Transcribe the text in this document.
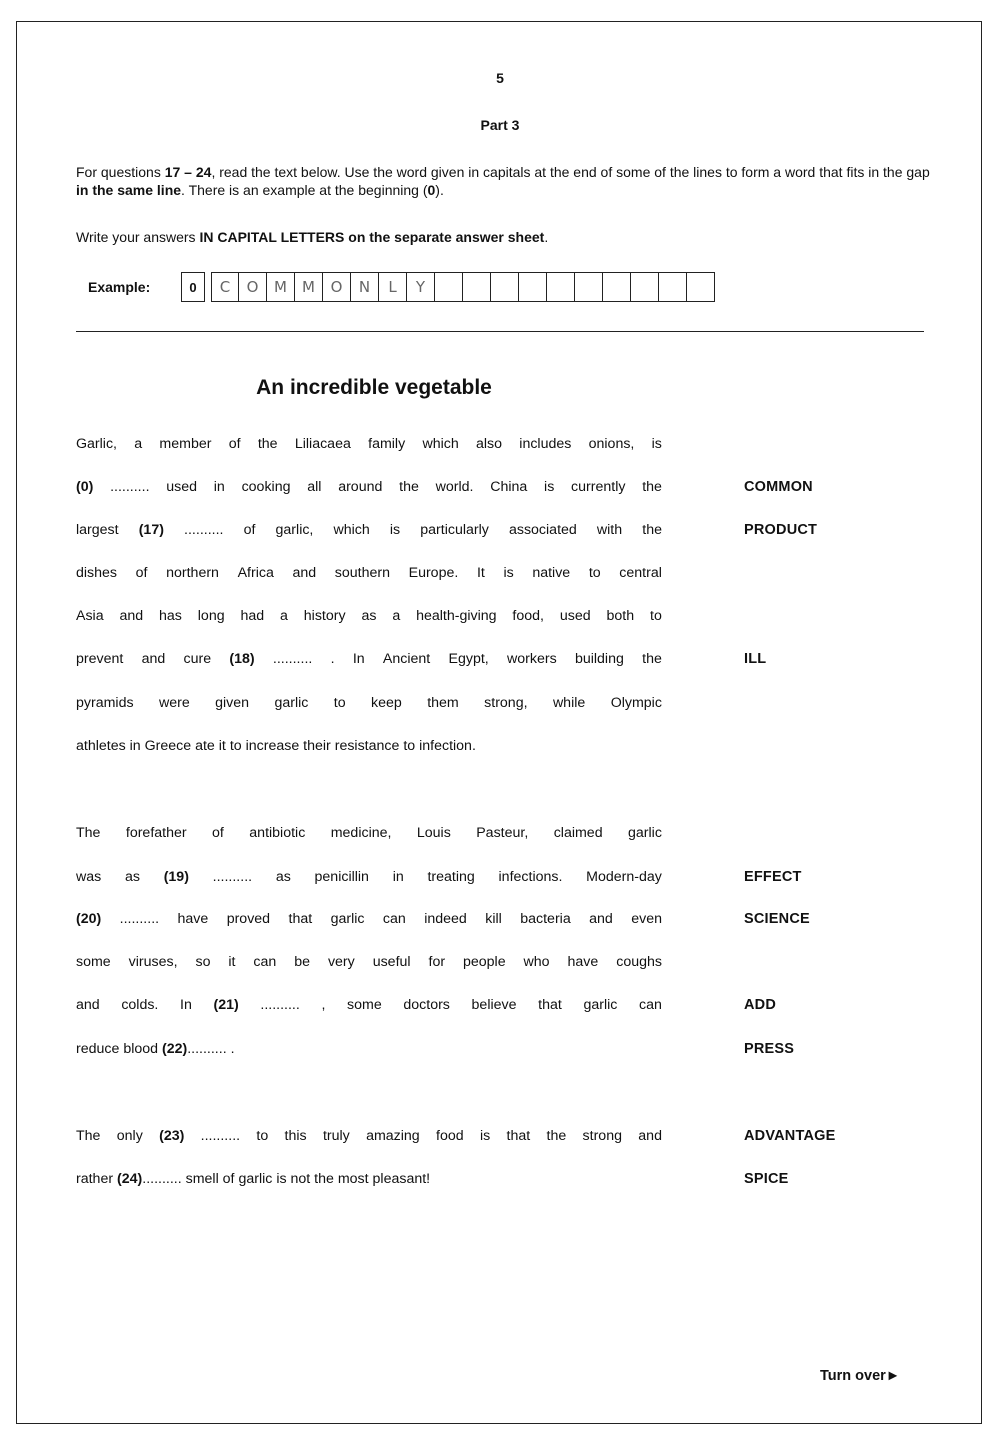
5
Part 3
For questions 17 – 24, read the text below. Use the word given in capitals at the end of some of the lines to form a word that fits in the gap in the same line. There is an example at the beginning (0).
Write your answers IN CAPITAL LETTERS on the separate answer sheet.
Example:	0	C	O	M	M	O	N	L	Y
An incredible vegetable
Garlic, a member of the Liliacaea family which also includes onions, is
(0) .......... used in cooking all around the world. China is currently the
largest (17) .......... of garlic, which is particularly associated with the
dishes of northern Africa and southern Europe. It is native to central
Asia and has long had a history as a health-giving food, used both to
prevent and cure (18) .......... . In Ancient Egypt, workers building the
pyramids were given garlic to keep them strong, while Olympic
athletes in Greece ate it to increase their resistance to infection.
The forefather of antibiotic medicine, Louis Pasteur, claimed garlic
was as (19) .......... as penicillin in treating infections. Modern-day
(20) .......... have proved that garlic can indeed kill bacteria and even
some viruses, so it can be very useful for people who have coughs
and colds. In (21) .......... , some doctors believe that garlic can
reduce blood (22) .......... .
The only (23) .......... to this truly amazing food is that the strong and
rather (24) .......... smell of garlic is not the most pleasant!
COMMON
PRODUCT
ILL
EFFECT
SCIENCE
ADD
PRESS
ADVANTAGE
SPICE
Turn over►
